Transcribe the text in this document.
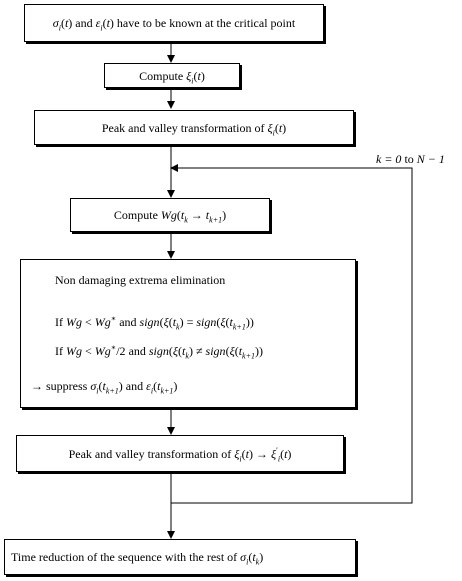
$\sigma_i(t)$ and $\varepsilon_i(t)$ have to be known at the critical point
Compute $\xi_i(t)$
Peak and valley transformation of $\xi_i(t)$
k = 0 to N − 1
Compute $Wg(t_k \to t_{k+1})$
Non damaging extrema elimination
If Wg < Wg∗ and $sign(\xi(t_k)$ = $sign(\xi(t_{k+1}))$
If Wg < Wg∗/2 and $sign(\xi(t_k)$ ≠ $sign(\xi(t_{k+1}))$
→ suppress $\sigma_i(t_{k+1})$ and $\varepsilon_i(t_{k+1})$
Peak and valley transformation of $\xi_i(t) \to \xi'_i(t)$
Time reduction of the sequence with the rest of $\sigma_i(t_k)$
